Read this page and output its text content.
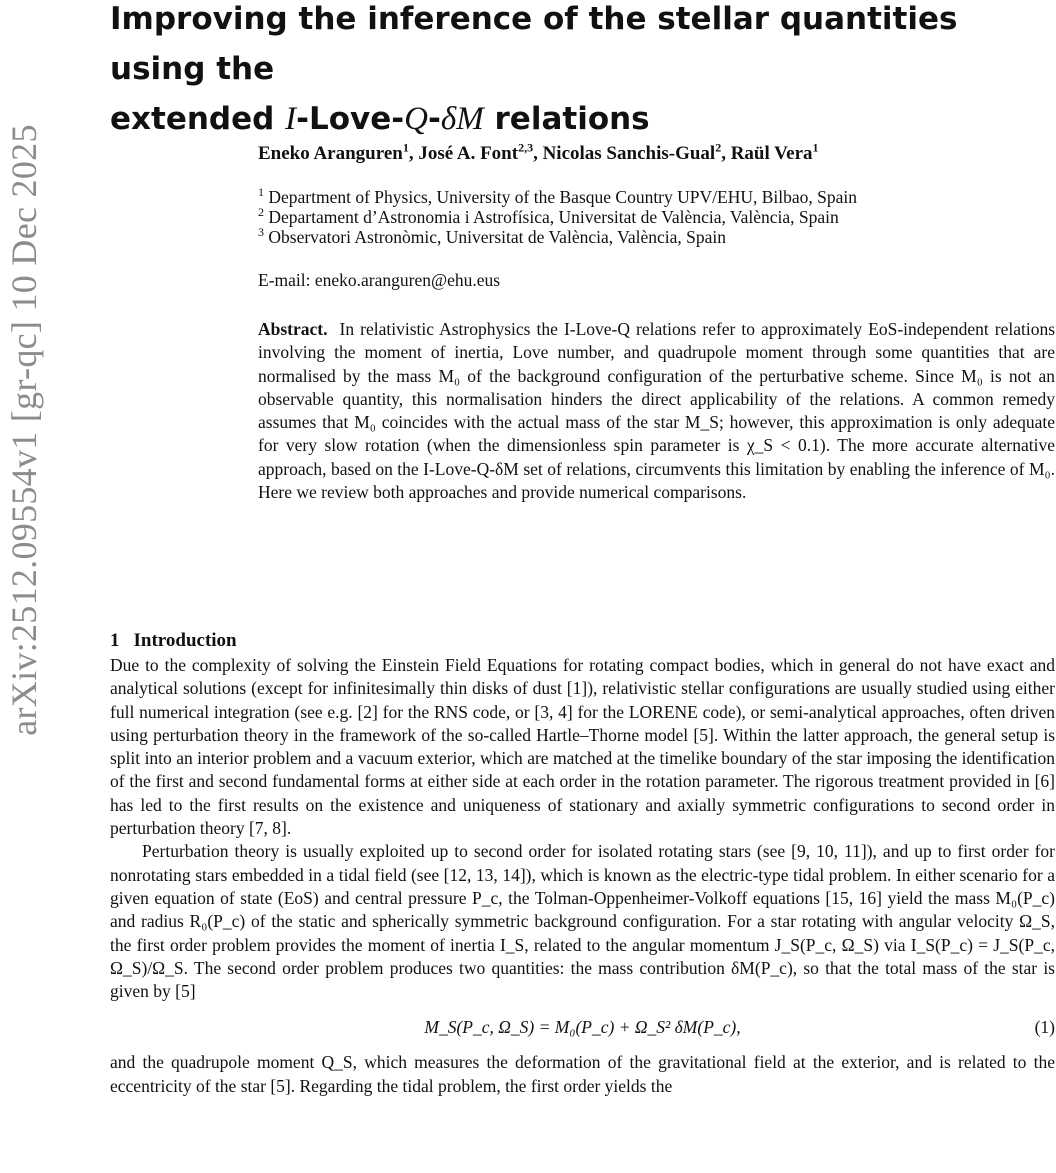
arXiv:2512.09554v1 [gr-qc] 10 Dec 2025
Improving the inference of the stellar quantities using the
extended I-Love-Q-δM relations
Eneko Aranguren$^1$, José A. Font$^{2,3}$, Nicolas Sanchis-Gual$^2$, Raül Vera$^1$
$^1$ Department of Physics, University of the Basque Country UPV/EHU, Bilbao, Spain
$^2$ Departament d’Astronomia i Astrofísica, Universitat de València, València, Spain
$^3$ Observatori Astronòmic, Universitat de València, València, Spain
E-mail: eneko.aranguren@ehu.eus

Abstract. In relativistic Astrophysics the I-Love-Q relations refer to approximately EoS-independent relations involving the moment of inertia, Love number, and quadrupole moment through some quantities that are normalised by the mass M₀ of the background configuration of the perturbative scheme. Since M₀ is not an observable quantity, this normalisation hinders the direct applicability of the relations. A common remedy assumes that M₀ coincides with the actual mass of the star M_S; however, this approximation is only adequate for very slow rotation (when the dimensionless spin parameter is χ_S < 0.1). The more accurate alternative approach, based on the I-Love-Q-δM set of relations, circumvents this limitation by enabling the inference of M₀. Here we review both approaches and provide numerical comparisons.

1 Introduction

Due to the complexity of solving the Einstein Field Equations for rotating compact bodies, which in general do not have exact and analytical solutions (except for infinitesimally thin disks of dust [1]), relativistic stellar configurations are usually studied using either full numerical integration (see e.g. [2] for the RNS code, or [3, 4] for the LORENE code), or semi-analytical approaches, often driven using perturbation theory in the framework of the so-called Hartle–Thorne model [5]. Within the latter approach, the general setup is split into an interior problem and a vacuum exterior, which are matched at the timelike boundary of the star imposing the identification of the first and second fundamental forms at either side at each order in the rotation parameter. The rigorous treatment provided in [6] has led to the first results on the existence and uniqueness of stationary and axially symmetric configurations to second order in perturbation theory [7, 8].

Perturbation theory is usually exploited up to second order for isolated rotating stars (see [9, 10, 11]), and up to first order for nonrotating stars embedded in a tidal field (see [12, 13, 14]), which is known as the electric-type tidal problem. In either scenario for a given equation of state (EoS) and central pressure P_c, the Tolman-Oppenheimer-Volkoff equations [15, 16] yield the mass M₀(P_c) and radius R₀(P_c) of the static and spherically symmetric background configuration. For a star rotating with angular velocity Ω_S, the first order problem provides the moment of inertia I_S, related to the angular momentum J_S(P_c, Ω_S) via I_S(P_c) = J_S(P_c, Ω_S)/Ω_S. The second order problem produces two quantities: the mass contribution δM(P_c), so that the total mass of the star is given by [5]

M_S(P_c, Ω_S) = M₀(P_c) + Ω_S² δM(P_c),	(1)

and the quadrupole moment Q_S, which measures the deformation of the gravitational field at the exterior, and is related to the eccentricity of the star [5]. Regarding the tidal problem, the first order yields the
